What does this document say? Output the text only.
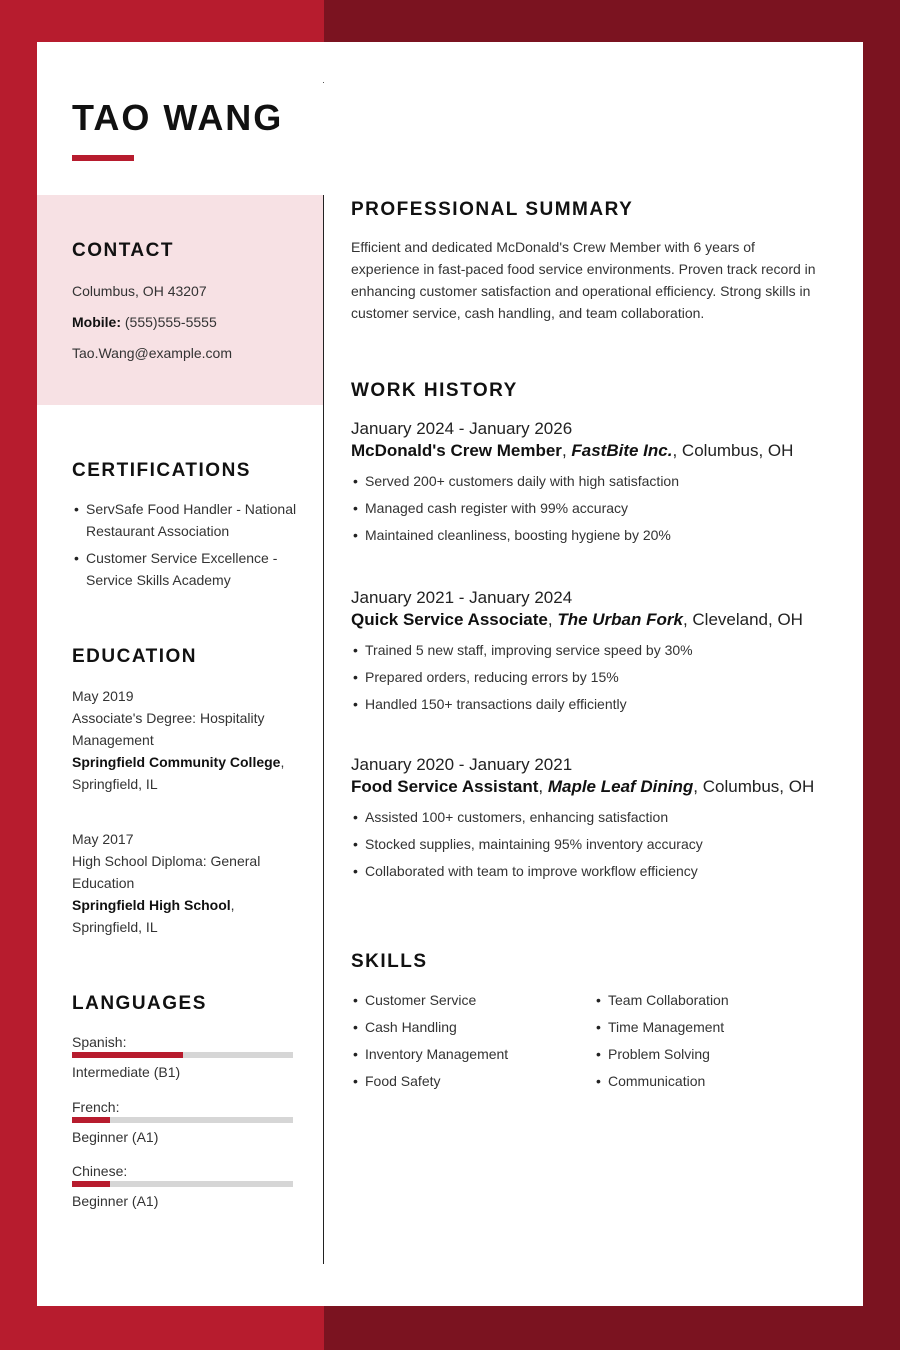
TAO WANG
CONTACT
Columbus, OH 43207
Mobile: (555)555-5555
Tao.Wang@example.com
CERTIFICATIONS
• ServSafe Food Handler - National Restaurant Association
• Customer Service Excellence - Service Skills Academy
EDUCATION
May 2019
Associate's Degree: Hospitality Management
Springfield Community College,
Springfield, IL
May 2017
High School Diploma: General Education
Springfield High School,
Springfield, IL
LANGUAGES
Spanish:
Intermediate (B1)
French:
Beginner (A1)
Chinese:
Beginner (A1)
PROFESSIONAL SUMMARY
Efficient and dedicated McDonald's Crew Member with 6 years of experience in fast-paced food service environments. Proven track record in enhancing customer satisfaction and operational efficiency. Strong skills in customer service, cash handling, and team collaboration.
WORK HISTORY
January 2024 - January 2026
McDonald's Crew Member, FastBite Inc., Columbus, OH
• Served 200+ customers daily with high satisfaction
• Managed cash register with 99% accuracy
• Maintained cleanliness, boosting hygiene by 20%
January 2021 - January 2024
Quick Service Associate, The Urban Fork, Cleveland, OH
• Trained 5 new staff, improving service speed by 30%
• Prepared orders, reducing errors by 15%
• Handled 150+ transactions daily efficiently
January 2020 - January 2021
Food Service Assistant, Maple Leaf Dining, Columbus, OH
• Assisted 100+ customers, enhancing satisfaction
• Stocked supplies, maintaining 95% inventory accuracy
• Collaborated with team to improve workflow efficiency
SKILLS
• Customer Service
• Cash Handling
• Inventory Management
• Food Safety
• Team Collaboration
• Time Management
• Problem Solving
• Communication
